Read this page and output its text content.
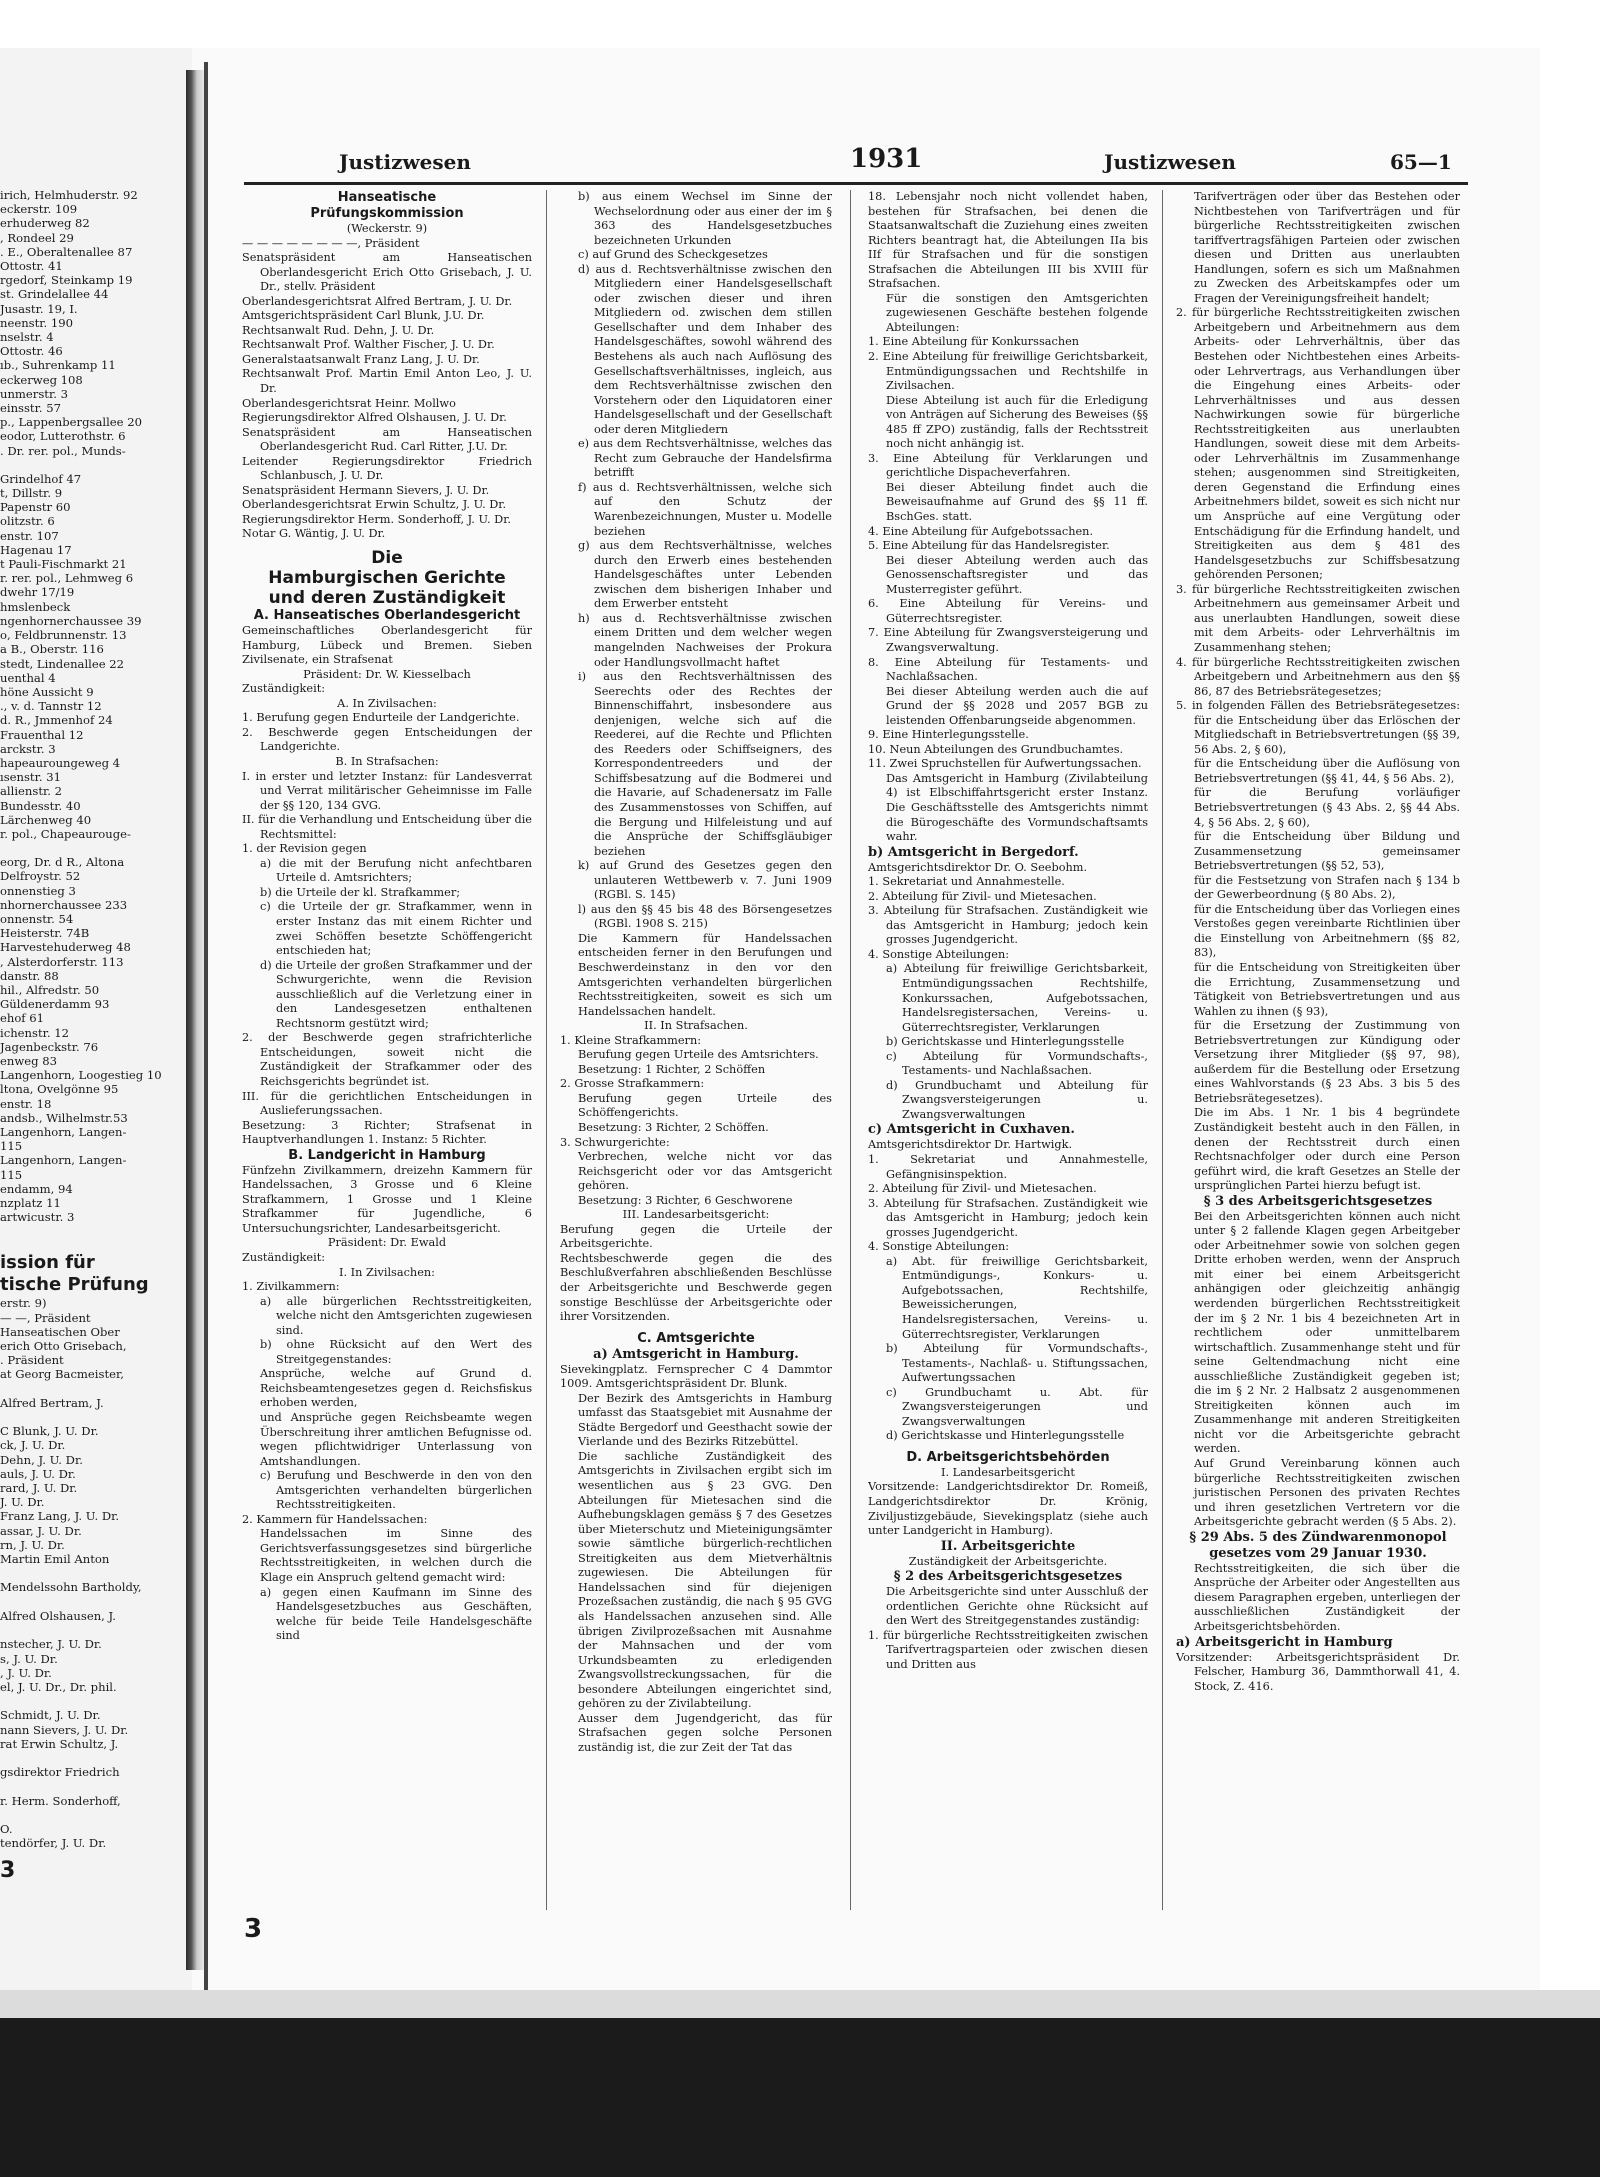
irich, Helmhuderstr. 92
eckerstr. 109
erhuderweg 82
, Rondeel 29
. E., Oberaltenallee 87
Ottostr. 41
rgedorf, Steinkamp 19
st. Grindelallee 44
Jusastr. 19, I.
neenstr. 190
nselstr. 4
Ottostr. 46
ıb., Suhrenkamp 11
eckerweg 108
unmerstr. 3
einsstr. 57
p., Lappenbergsallee 20
eodor, Lutterothstr. 6
. Dr. rer. pol., Munds-
Grindelhof 47
t, Dillstr. 9
Papenstr 60
olitzstr. 6
enstr. 107
Hagenau 17
t Pauli-Fischmarkt 21
r. rer. pol., Lehmweg 6
dwehr 17/19
hmslenbeck
ngenhornerchaussee 39
o, Feldbrunnenstr. 13
a B., Oberstr. 116
stedt, Lindenallee 22
uenthal 4
höne Aussicht 9
., v. d. Tannstr 12
d. R., Jmmenhof 24
Frauenthal 12
arckstr. 3
hapeauroungeweg 4
ısenstr. 31
allienstr. 2
Bundesstr. 40
Lärchenweg 40
r. pol., Chapeaurouge-
eorg, Dr. d R., Altona
Delfroystr. 52
onnenstieg 3
nhornerchaussee 233
onnenstr. 54
Heisterstr. 74B
Harvestehuderweg 48
, Alsterdorferstr. 113
danstr. 88
hil., Alfredstr. 50
Güldenerdamm 93
ehof 61
ichenstr. 12
Jagenbeckstr. 76
enweg 83
Langenhorn, Loogestieg 10
ltona, Ovelgönne 95
enstr. 18
andsb., Wilhelmstr.53
Langenhorn, Langen-
115
Langenhorn, Langen-
115
endamm, 94
nzplatz 11
artwicustr. 3
ission für
tische Prüfung
erstr. 9)
— —, Präsident
Hanseatischen Ober
erich Otto Grisebach,
. Präsident
at Georg Bacmeister,

Alfred Bertram, J.

C Blunk, J. U. Dr.
ck, J. U. Dr.
Dehn, J. U. Dr.
auls, J. U. Dr.
rard, J. U. Dr.
J. U. Dr.
Franz Lang, J. U. Dr.
assar, J. U. Dr.
rn, J. U. Dr.
Martin Emil Anton

Mendelssohn Bartholdy,

Alfred Olshausen, J.

nstecher, J. U. Dr.
s, J. U. Dr.
, J. U. Dr.
el, J. U. Dr., Dr. phil.

Schmidt, J. U. Dr.
nann Sievers, J. U. Dr.
rat Erwin Schultz, J.

gsdirektor Friedrich

r. Herm. Sonderhoff,

O.
tendörfer, J. U. Dr.
3
Justizwesen	1931	Justizwesen	65—1

Hanseatische

Prüfungskommission

(Weckerstr. 9)

— — — — — — — —, Präsident

Senatspräsident am Hanseatischen Oberlandesgericht Erich Otto Grisebach, J. U. Dr., stellv. Präsident

Oberlandesgerichtsrat Alfred Bertram, J. U. Dr.

Amtsgerichtspräsident Carl Blunk, J.U. Dr.

Rechtsanwalt Rud. Dehn, J. U. Dr.

Rechtsanwalt Prof. Walther Fischer, J. U. Dr.

Generalstaatsanwalt Franz Lang, J. U. Dr.

Rechtsanwalt Prof. Martin Emil Anton Leo, J. U. Dr.

Oberlandesgerichtsrat Heinr. Mollwo

Regierungsdirektor Alfred Olshausen, J. U. Dr.

Senatspräsident am Hanseatischen Oberlandesgericht Rud. Carl Ritter, J.U. Dr.

Leitender Regierungsdirektor Friedrich Schlanbusch, J. U. Dr.

Senatspräsident Hermann Sievers, J. U. Dr.

Oberlandesgerichtsrat Erwin Schultz, J. U. Dr.

Regierungsdirektor Herm. Sonderhoff, J. U. Dr.

Notar G. Wäntig, J. U. Dr.

Die

Hamburgischen Gerichte

und deren Zuständigkeit

A. Hanseatisches Oberlandesgericht

Gemeinschaftliches Oberlandesgericht für Hamburg, Lübeck und Bremen. Sieben Zivilsenate, ein Strafsenat

Präsident: Dr. W. Kiesselbach

Zuständigkeit:

A. In Zivilsachen:

1. Berufung gegen Endurteile der Landgerichte.

2. Beschwerde gegen Entscheidungen der Landgerichte.

B. In Strafsachen:

I. in erster und letzter Instanz: für Landesverrat und Verrat militärischer Geheimnisse im Falle der §§ 120, 134 GVG.

II. für die Verhandlung und Entscheidung über die Rechtsmittel:

1. der Revision gegen

a) die mit der Berufung nicht anfechtbaren Urteile d. Amtsrichters;

b) die Urteile der kl. Strafkammer;

c) die Urteile der gr. Strafkammer, wenn in erster Instanz das mit einem Richter und zwei Schöffen besetzte Schöffengericht entschieden hat;

d) die Urteile der großen Strafkammer und der Schwurgerichte, wenn die Revision ausschließlich auf die Verletzung einer in den Landesgesetzen enthaltenen Rechtsnorm gestützt wird;

2. der Beschwerde gegen strafrichterliche Entscheidungen, soweit nicht die Zuständigkeit der Strafkammer oder des Reichsgerichts begründet ist.

III. für die gerichtlichen Entscheidungen in Auslieferungssachen.

Besetzung: 3 Richter; Strafsenat in Hauptverhandlungen 1. Instanz: 5 Richter.

B. Landgericht in Hamburg

Fünfzehn Zivilkammern, dreizehn Kammern für Handelssachen, 3 Grosse und 6 Kleine Strafkammern, 1 Grosse und 1 Kleine Strafkammer für Jugendliche, 6 Untersuchungsrichter, Landesarbeitsgericht.

Präsident: Dr. Ewald

Zuständigkeit:

I. In Zivilsachen:

1. Zivilkammern:

a) alle bürgerlichen Rechtsstreitigkeiten, welche nicht den Amtsgerichten zugewiesen sind.

b) ohne Rücksicht auf den Wert des Streitgegenstandes:

Ansprüche, welche auf Grund d. Reichsbeamtengesetzes gegen d. Reichsfiskus erhoben werden,

und Ansprüche gegen Reichsbeamte wegen Überschreitung ihrer amtlichen Befugnisse od. wegen pflichtwidriger Unterlassung von Amtshandlungen.

c) Berufung und Beschwerde in den von den Amtsgerichten verhandelten bürgerlichen Rechtsstreitigkeiten.

2. Kammern für Handelssachen:

Handelssachen im Sinne des Gerichtsverfassungsgesetzes sind bürgerliche Rechtsstreitigkeiten, in welchen durch die Klage ein Anspruch geltend gemacht wird:

a) gegen einen Kaufmann im Sinne des Handelsgesetzbuches aus Geschäften, welche für beide Teile Handelsgeschäfte sind

b) aus einem Wechsel im Sinne der Wechselordnung oder aus einer der im § 363 des Handelsgesetzbuches bezeichneten Urkunden

c) auf Grund des Scheckgesetzes

d) aus d. Rechtsverhältnisse zwischen den Mitgliedern einer Handelsgesellschaft oder zwischen dieser und ihren Mitgliedern od. zwischen dem stillen Gesellschafter und dem Inhaber des Handelsgeschäftes, sowohl während des Bestehens als auch nach Auflösung des Gesellschaftsverhältnisses, ingleich, aus dem Rechtsverhältnisse zwischen den Vorstehern oder den Liquidatoren einer Handelsgesellschaft und der Gesellschaft oder deren Mitgliedern

e) aus dem Rechtsverhältnisse, welches das Recht zum Gebrauche der Handelsfirma betrifft

f) aus d. Rechtsverhältnissen, welche sich auf den Schutz der Warenbezeichnungen, Muster u. Modelle beziehen

g) aus dem Rechtsverhältnisse, welches durch den Erwerb eines bestehenden Handelsgeschäftes unter Lebenden zwischen dem bisherigen Inhaber und dem Erwerber entsteht

h) aus d. Rechtsverhältnisse zwischen einem Dritten und dem welcher wegen mangelnden Nachweises der Prokura oder Handlungsvollmacht haftet

i) aus den Rechtsverhältnissen des Seerechts oder des Rechtes der Binnenschiffahrt, insbesondere aus denjenigen, welche sich auf die Reederei, auf die Rechte und Pflichten des Reeders oder Schiffseigners, des Korrespondentreeders und der Schiffsbesatzung auf die Bodmerei und die Havarie, auf Schadenersatz im Falle des Zusammenstosses von Schiffen, auf die Bergung und Hilfeleistung und auf die Ansprüche der Schiffsgläubiger beziehen

k) auf Grund des Gesetzes gegen den unlauteren Wettbewerb v. 7. Juni 1909 (RGBl. S. 145)

l) aus den §§ 45 bis 48 des Börsengesetzes (RGBl. 1908 S. 215)

Die Kammern für Handelssachen entscheiden ferner in den Berufungen und Beschwerdeinstanz in den vor den Amtsgerichten verhandelten bürgerlichen Rechtsstreitigkeiten, soweit es sich um Handelssachen handelt.

II. In Strafsachen.

1. Kleine Strafkammern:

Berufung gegen Urteile des Amtsrichters.

Besetzung: 1 Richter, 2 Schöffen

2. Grosse Strafkammern:

Berufung gegen Urteile des Schöffengerichts.

Besetzung: 3 Richter, 2 Schöffen.

3. Schwurgerichte:

Verbrechen, welche nicht vor das Reichsgericht oder vor das Amtsgericht gehören.

Besetzung: 3 Richter, 6 Geschworene

III. Landesarbeitsgericht:

Berufung gegen die Urteile der Arbeitsgerichte.

Rechtsbeschwerde gegen die des Beschlußverfahren abschließenden Beschlüsse der Arbeitsgerichte und Beschwerde gegen sonstige Beschlüsse der Arbeitsgerichte oder ihrer Vorsitzenden.

C. Amtsgerichte

a) Amtsgericht in Hamburg.

Sievekingplatz. Fernsprecher C 4 Dammtor 1009. Amtsgerichtspräsident Dr. Blunk.

Der Bezirk des Amtsgerichts in Hamburg umfasst das Staatsgebiet mit Ausnahme der Städte Bergedorf und Geesthacht sowie der Vierlande und des Bezirks Ritzebüttel.

Die sachliche Zuständigkeit des Amtsgerichts in Zivilsachen ergibt sich im wesentlichen aus § 23 GVG. Den Abteilungen für Mietesachen sind die Aufhebungsklagen gemäss § 7 des Gesetzes über Mieterschutz und Mieteinigungsämter sowie sämtliche bürgerlich-rechtlichen Streitigkeiten aus dem Mietverhältnis zugewiesen. Die Abteilungen für Handelssachen sind für diejenigen Prozeßsachen zuständig, die nach § 95 GVG als Handelssachen anzusehen sind. Alle übrigen Zivilprozeßsachen mit Ausnahme der Mahnsachen und der vom Urkundsbeamten zu erledigenden Zwangsvollstreckungssachen, für die besondere Abteilungen eingerichtet sind, gehören zu der Zivilabteilung.

Ausser dem Jugendgericht, das für Strafsachen gegen solche Personen zuständig ist, die zur Zeit der Tat das

18. Lebensjahr noch nicht vollendet haben, bestehen für Strafsachen, bei denen die Staatsanwaltschaft die Zuziehung eines zweiten Richters beantragt hat, die Abteilungen IIa bis IIf für Strafsachen und für die sonstigen Strafsachen die Abteilungen III bis XVIII für Strafsachen.

Für die sonstigen den Amtsgerichten zugewiesenen Geschäfte bestehen folgende Abteilungen:

1. Eine Abteilung für Konkurssachen

2. Eine Abteilung für freiwillige Gerichtsbarkeit, Entmündigungssachen und Rechtshilfe in Zivilsachen.

Diese Abteilung ist auch für die Erledigung von Anträgen auf Sicherung des Beweises (§§ 485 ff ZPO) zuständig, falls der Rechtsstreit noch nicht anhängig ist.

3. Eine Abteilung für Verklarungen und gerichtliche Dispacheverfahren.

Bei dieser Abteilung findet auch die Beweisaufnahme auf Grund des §§ 11 ff. BschGes. statt.

4. Eine Abteilung für Aufgebotssachen.

5. Eine Abteilung für das Handelsregister.

Bei dieser Abteilung werden auch das Genossenschaftsregister und das Musterregister geführt.

6. Eine Abteilung für Vereins- und Güterrechtsregister.

7. Eine Abteilung für Zwangsversteigerung und Zwangsverwaltung.

8. Eine Abteilung für Testaments- und Nachlaßsachen.

Bei dieser Abteilung werden auch die auf Grund der §§ 2028 und 2057 BGB zu leistenden Offenbarungseide abgenommen.

9. Eine Hinterlegungsstelle.

10. Neun Abteilungen des Grundbuchamtes.

11. Zwei Spruchstellen für Aufwertungssachen.

Das Amtsgericht in Hamburg (Zivilabteilung 4) ist Elbschiffahrtsgericht erster Instanz. Die Geschäftsstelle des Amtsgerichts nimmt die Bürogeschäfte des Vormundschaftsamts wahr.

b) Amtsgericht in Bergedorf.

Amtsgerichtsdirektor Dr. O. Seebohm.

1. Sekretariat und Annahmestelle.

2. Abteilung für Zivil- und Mietesachen.

3. Abteilung für Strafsachen. Zuständigkeit wie das Amtsgericht in Hamburg; jedoch kein grosses Jugendgericht.

4. Sonstige Abteilungen:

a) Abteilung für freiwillige Gerichtsbarkeit, Entmündigungssachen Rechtshilfe, Konkurssachen, Aufgebotssachen, Handelsregistersachen, Vereins- u. Güterrechtsregister, Verklarungen

b) Gerichtskasse und Hinterlegungsstelle

c) Abteilung für Vormundschafts-, Testaments- und Nachlaßsachen.

d) Grundbuchamt und Abteilung für Zwangsversteigerungen u. Zwangsverwaltungen

c) Amtsgericht in Cuxhaven.

Amtsgerichtsdirektor Dr. Hartwigk.

1. Sekretariat und Annahmestelle, Gefängnisinspektion.

2. Abteilung für Zivil- und Mietesachen.

3. Abteilung für Strafsachen. Zuständigkeit wie das Amtsgericht in Hamburg; jedoch kein grosses Jugendgericht.

4. Sonstige Abteilungen:

a) Abt. für freiwillige Gerichtsbarkeit, Entmündigungs-, Konkurs- u. Aufgebotssachen, Rechtshilfe, Beweissicherungen, Handelsregistersachen, Vereins- u. Güterrechtsregister, Verklarungen

b) Abteilung für Vormundschafts-, Testaments-, Nachlaß- u. Stiftungssachen, Aufwertungssachen

c) Grundbuchamt u. Abt. für Zwangsversteigerungen und Zwangsverwaltungen

d) Gerichtskasse und Hinterlegungsstelle

D. Arbeitsgerichtsbehörden

I. Landesarbeitsgericht

Vorsitzende: Landgerichtsdirektor Dr. Romeiß, Landgerichtsdirektor Dr. Krönig, Ziviljustizgebäude, Sievekingsplatz (siehe auch unter Landgericht in Hamburg).

II. Arbeitsgerichte

Zuständigkeit der Arbeitsgerichte.

§ 2 des Arbeitsgerichtsgesetzes

Die Arbeitsgerichte sind unter Ausschluß der ordentlichen Gerichte ohne Rücksicht auf den Wert des Streitgegenstandes zuständig:

1. für bürgerliche Rechtsstreitigkeiten zwischen Tarifvertragsparteien oder zwischen diesen und Dritten aus

Tarifverträgen oder über das Bestehen oder Nichtbestehen von Tarifverträgen und für bürgerliche Rechtsstreitigkeiten zwischen tariffvertragsfähigen Parteien oder zwischen diesen und Dritten aus unerlaubten Handlungen, sofern es sich um Maßnahmen zu Zwecken des Arbeitskampfes oder um Fragen der Vereinigungsfreiheit handelt;

2. für bürgerliche Rechtsstreitigkeiten zwischen Arbeitgebern und Arbeitnehmern aus dem Arbeits- oder Lehrverhältnis, über das Bestehen oder Nichtbestehen eines Arbeits- oder Lehrvertrags, aus Verhandlungen über die Eingehung eines Arbeits- oder Lehrverhältnisses und aus dessen Nachwirkungen sowie für bürgerliche Rechtsstreitigkeiten aus unerlaubten Handlungen, soweit diese mit dem Arbeits- oder Lehrverhältnis im Zusammenhange stehen; ausgenommen sind Streitigkeiten, deren Gegenstand die Erfindung eines Arbeitnehmers bildet, soweit es sich nicht nur um Ansprüche auf eine Vergütung oder Entschädigung für die Erfindung handelt, und Streitigkeiten aus dem § 481 des Handelsgesetzbuchs zur Schiffsbesatzung gehörenden Personen;

3. für bürgerliche Rechtsstreitigkeiten zwischen Arbeitnehmern aus gemeinsamer Arbeit und aus unerlaubten Handlungen, soweit diese mit dem Arbeits- oder Lehrverhältnis im Zusammenhang stehen;

4. für bürgerliche Rechtsstreitigkeiten zwischen Arbeitgebern und Arbeitnehmern aus den §§ 86, 87 des Betriebsrätegesetzes;

5. in folgenden Fällen des Betriebsrätegesetzes: für die Entscheidung über das Erlöschen der Mitgliedschaft in Betriebsvertretungen (§§ 39, 56 Abs. 2, § 60),

für die Entscheidung über die Auflösung von Betriebsvertretungen (§§ 41, 44, § 56 Abs. 2),

für die Berufung vorläufiger Betriebsvertretungen (§ 43 Abs. 2, §§ 44 Abs. 4, § 56 Abs. 2, § 60),

für die Entscheidung über Bildung und Zusammensetzung gemeinsamer Betriebsvertretungen (§§ 52, 53),

für die Festsetzung von Strafen nach § 134 b der Gewerbeordnung (§ 80 Abs. 2),

für die Entscheidung über das Vorliegen eines Verstoßes gegen vereinbarte Richtlinien über die Einstellung von Arbeitnehmern (§§ 82, 83),

für die Entscheidung von Streitigkeiten über die Errichtung, Zusammensetzung und Tätigkeit von Betriebsvertretungen und aus Wahlen zu ihnen (§ 93),

für die Ersetzung der Zustimmung von Betriebsvertretungen zur Kündigung oder Versetzung ihrer Mitglieder (§§ 97, 98), außerdem für die Bestellung oder Ersetzung eines Wahlvorstands (§ 23 Abs. 3 bis 5 des Betriebsrätegesetzes).

Die im Abs. 1 Nr. 1 bis 4 begründete Zuständigkeit besteht auch in den Fällen, in denen der Rechtsstreit durch einen Rechtsnachfolger oder durch eine Person geführt wird, die kraft Gesetzes an Stelle der ursprünglichen Partei hierzu befugt ist.

§ 3 des Arbeitsgerichtsgesetzes

Bei den Arbeitsgerichten können auch nicht unter § 2 fallende Klagen gegen Arbeitgeber oder Arbeitnehmer sowie von solchen gegen Dritte erhoben werden, wenn der Anspruch mit einer bei einem Arbeitsgericht anhängigen oder gleichzeitig anhängig werdenden bürgerlichen Rechtsstreitigkeit der im § 2 Nr. 1 bis 4 bezeichneten Art in rechtlichem oder unmittelbarem wirtschaftlich. Zusammenhange steht und für seine Geltendmachung nicht eine ausschließliche Zuständigkeit gegeben ist; die im § 2 Nr. 2 Halbsatz 2 ausgenommenen Streitigkeiten können auch im Zusammenhange mit anderen Streitigkeiten nicht vor die Arbeitsgerichte gebracht werden.

Auf Grund Vereinbarung können auch bürgerliche Rechtsstreitigkeiten zwischen juristischen Personen des privaten Rechtes und ihren gesetzlichen Vertretern vor die Arbeitsgerichte gebracht werden (§ 5 Abs. 2).

§ 29 Abs. 5 des Zündwarenmonopol gesetzes vom 29 Januar 1930.

Rechtsstreitigkeiten, die sich über die Ansprüche der Arbeiter oder Angestellten aus diesem Paragraphen ergeben, unterliegen der ausschließlichen Zuständigkeit der Arbeitsgerichtsbehörden.

a) Arbeitsgericht in Hamburg

Vorsitzender: Arbeitsgerichtspräsident Dr. Felscher, Hamburg 36, Dammthorwall 41, 4. Stock, Z. 416.

3
